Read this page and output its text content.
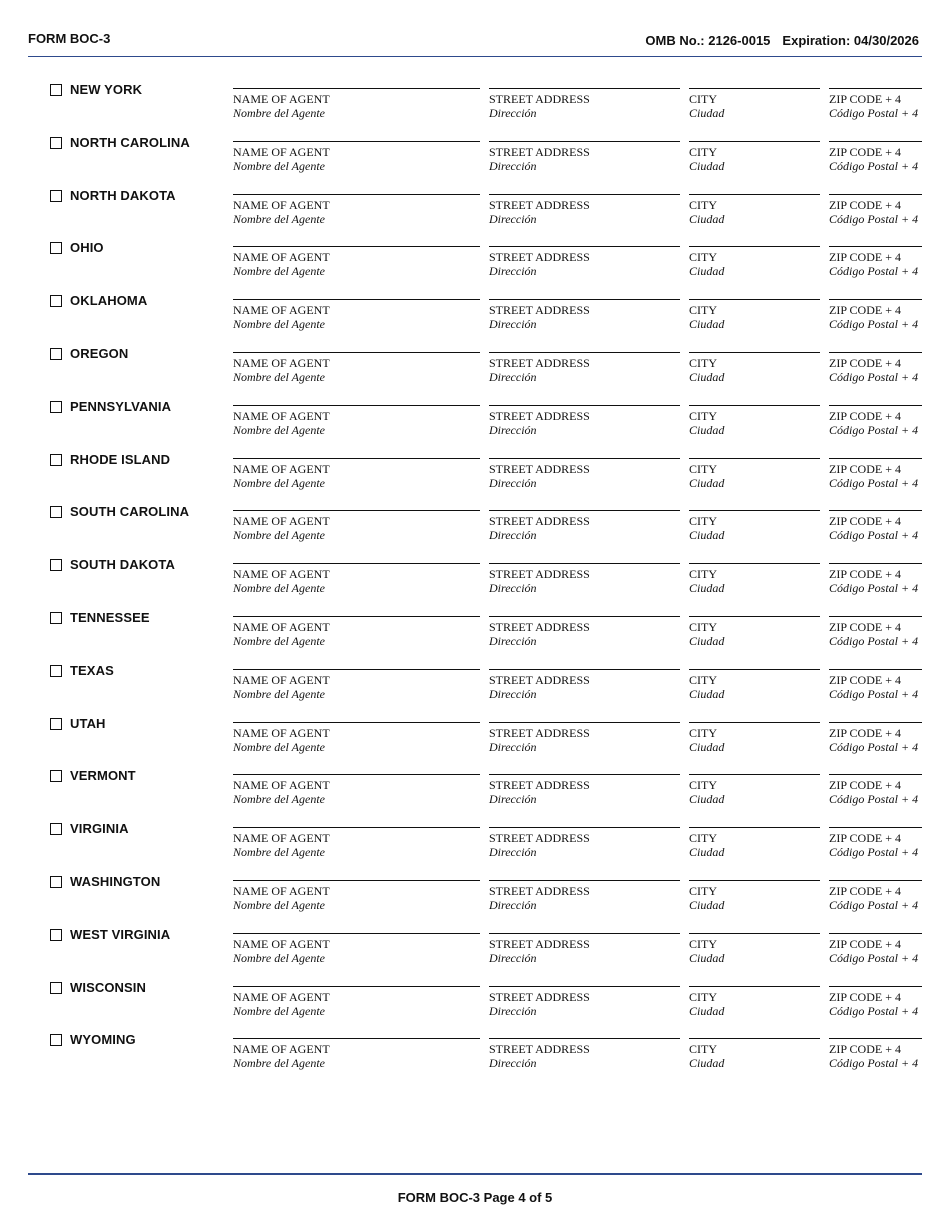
FORM BOC-3	OMB No.: 2126-0015 Expiration: 04/30/2026
NEW YORK
NAME OF AGENT
Nombre del Agente
STREET ADDRESS
Dirección
CITY
Ciudad
ZIP CODE + 4
Código Postal + 4
NORTH CAROLINA
NAME OF AGENT
Nombre del Agente
STREET ADDRESS
Dirección
CITY
Ciudad
ZIP CODE + 4
Código Postal + 4
NORTH DAKOTA
NAME OF AGENT
Nombre del Agente
STREET ADDRESS
Dirección
CITY
Ciudad
ZIP CODE + 4
Código Postal + 4
OHIO
NAME OF AGENT
Nombre del Agente
STREET ADDRESS
Dirección
CITY
Ciudad
ZIP CODE + 4
Código Postal + 4
OKLAHOMA
NAME OF AGENT
Nombre del Agente
STREET ADDRESS
Dirección
CITY
Ciudad
ZIP CODE + 4
Código Postal + 4
OREGON
NAME OF AGENT
Nombre del Agente
STREET ADDRESS
Dirección
CITY
Ciudad
ZIP CODE + 4
Código Postal + 4
PENNSYLVANIA
NAME OF AGENT
Nombre del Agente
STREET ADDRESS
Dirección
CITY
Ciudad
ZIP CODE + 4
Código Postal + 4
RHODE ISLAND
NAME OF AGENT
Nombre del Agente
STREET ADDRESS
Dirección
CITY
Ciudad
ZIP CODE + 4
Código Postal + 4
SOUTH CAROLINA
NAME OF AGENT
Nombre del Agente
STREET ADDRESS
Dirección
CITY
Ciudad
ZIP CODE + 4
Código Postal + 4
SOUTH DAKOTA
NAME OF AGENT
Nombre del Agente
STREET ADDRESS
Dirección
CITY
Ciudad
ZIP CODE + 4
Código Postal + 4
TENNESSEE
NAME OF AGENT
Nombre del Agente
STREET ADDRESS
Dirección
CITY
Ciudad
ZIP CODE + 4
Código Postal + 4
TEXAS
NAME OF AGENT
Nombre del Agente
STREET ADDRESS
Dirección
CITY
Ciudad
ZIP CODE + 4
Código Postal + 4
UTAH
NAME OF AGENT
Nombre del Agente
STREET ADDRESS
Dirección
CITY
Ciudad
ZIP CODE + 4
Código Postal + 4
VERMONT
NAME OF AGENT
Nombre del Agente
STREET ADDRESS
Dirección
CITY
Ciudad
ZIP CODE + 4
Código Postal + 4
VIRGINIA
NAME OF AGENT
Nombre del Agente
STREET ADDRESS
Dirección
CITY
Ciudad
ZIP CODE + 4
Código Postal + 4
WASHINGTON
NAME OF AGENT
Nombre del Agente
STREET ADDRESS
Dirección
CITY
Ciudad
ZIP CODE + 4
Código Postal + 4
WEST VIRGINIA
NAME OF AGENT
Nombre del Agente
STREET ADDRESS
Dirección
CITY
Ciudad
ZIP CODE + 4
Código Postal + 4
WISCONSIN
NAME OF AGENT
Nombre del Agente
STREET ADDRESS
Dirección
CITY
Ciudad
ZIP CODE + 4
Código Postal + 4
WYOMING
NAME OF AGENT
Nombre del Agente
STREET ADDRESS
Dirección
CITY
Ciudad
ZIP CODE + 4
Código Postal + 4
FORM BOC-3 Page 4 of 5
